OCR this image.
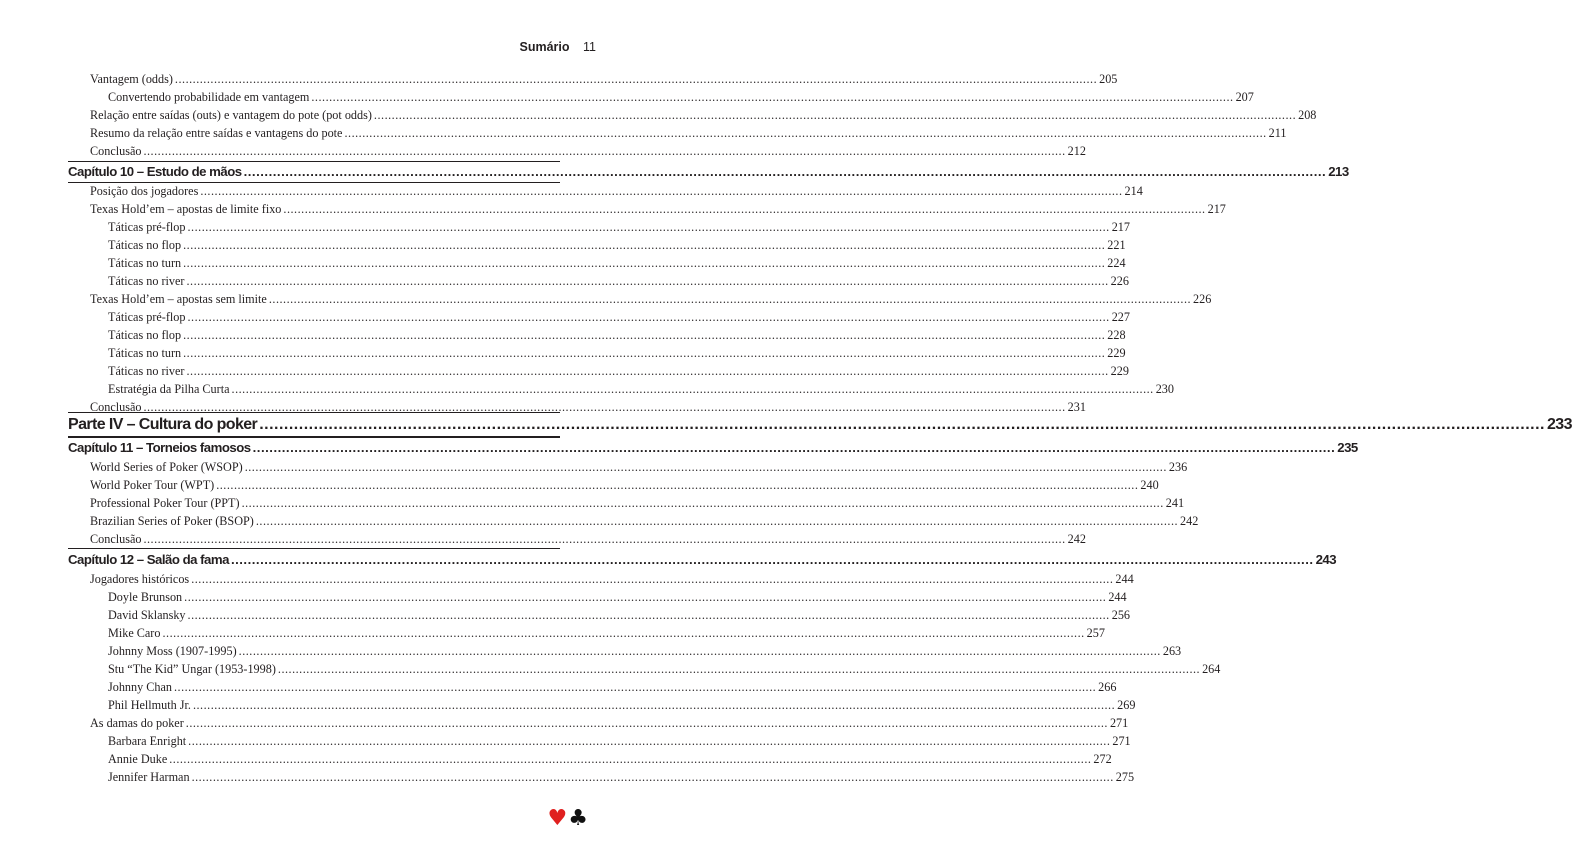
Sumário 11
Vantagem (odds) .................................................................................................................................................................................................................................................................... 205
Convertendo probabilidade em vantagem .................................................................................................................................................................................................................................................................... 207
Relação entre saídas (outs) e vantagem do pote (pot odds) .................................................................................................................................................................................................................................................................... 208
Resumo da relação entre saídas e vantagens do pote .................................................................................................................................................................................................................................................................... 211
Conclusão .................................................................................................................................................................................................................................................................... 212
Capítulo 10 – Estudo de mãos .................................................................................................................................................................................................................................................................... 213
Posição dos jogadores .................................................................................................................................................................................................................................................................... 214
Texas Hold’em – apostas de limite fixo .................................................................................................................................................................................................................................................................... 217
Táticas pré-flop .................................................................................................................................................................................................................................................................... 217
Táticas no flop .................................................................................................................................................................................................................................................................... 221
Táticas no turn .................................................................................................................................................................................................................................................................... 224
Táticas no river .................................................................................................................................................................................................................................................................... 226
Texas Hold’em – apostas sem limite .................................................................................................................................................................................................................................................................... 226
Táticas pré-flop .................................................................................................................................................................................................................................................................... 227
Táticas no flop .................................................................................................................................................................................................................................................................... 228
Táticas no turn .................................................................................................................................................................................................................................................................... 229
Táticas no river .................................................................................................................................................................................................................................................................... 229
Estratégia da Pilha Curta .................................................................................................................................................................................................................................................................... 230
Conclusão .................................................................................................................................................................................................................................................................... 231
Parte IV – Cultura do poker .................................................................................................................................................................................................................................................................... 233
Capítulo 11 – Torneios famosos .................................................................................................................................................................................................................................................................... 235
World Series of Poker (WSOP) .................................................................................................................................................................................................................................................................... 236
World Poker Tour (WPT) .................................................................................................................................................................................................................................................................... 240
Professional Poker Tour (PPT) .................................................................................................................................................................................................................................................................... 241
Brazilian Series of Poker (BSOP) .................................................................................................................................................................................................................................................................... 242
Conclusão .................................................................................................................................................................................................................................................................... 242
Capítulo 12 – Salão da fama .................................................................................................................................................................................................................................................................... 243
Jogadores históricos .................................................................................................................................................................................................................................................................... 244
Doyle Brunson .................................................................................................................................................................................................................................................................... 244
David Sklansky .................................................................................................................................................................................................................................................................... 256
Mike Caro .................................................................................................................................................................................................................................................................... 257
Johnny Moss (1907-1995) .................................................................................................................................................................................................................................................................... 263
Stu “The Kid” Ungar (1953-1998) .................................................................................................................................................................................................................................................................... 264
Johnny Chan .................................................................................................................................................................................................................................................................... 266
Phil Hellmuth Jr. .................................................................................................................................................................................................................................................................... 269
As damas do poker .................................................................................................................................................................................................................................................................... 271
Barbara Enright .................................................................................................................................................................................................................................................................... 271
Annie Duke .................................................................................................................................................................................................................................................................... 272
Jennifer Harman .................................................................................................................................................................................................................................................................... 275
♥♣
